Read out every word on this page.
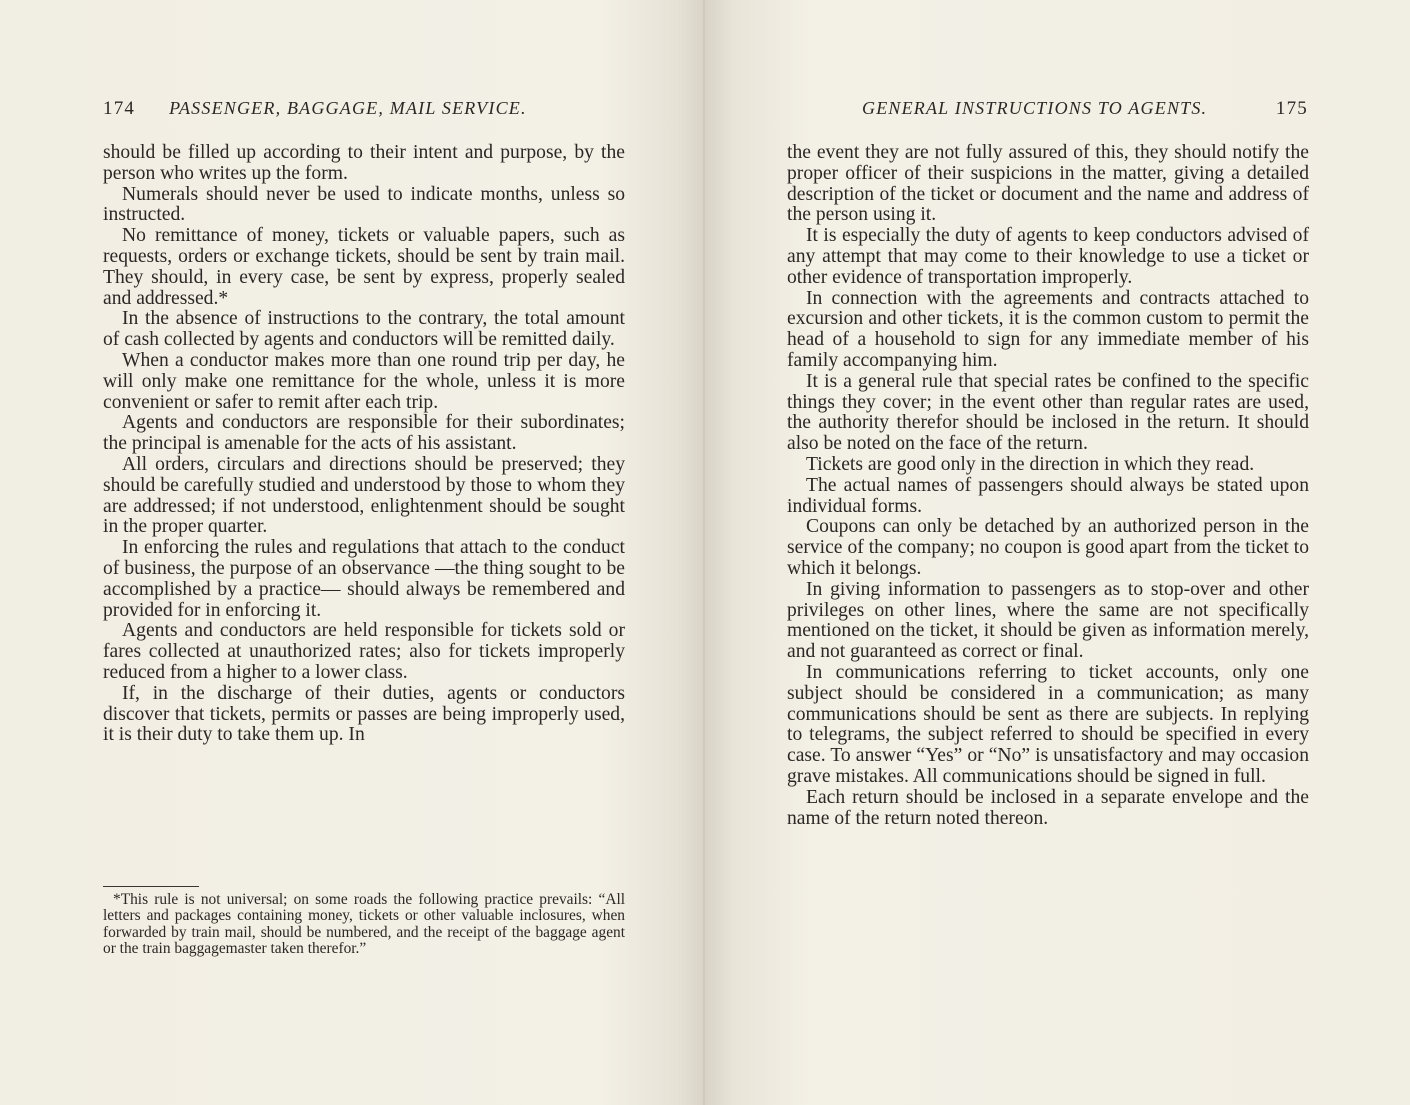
174 PASSENGER, BAGGAGE, MAIL SERVICE.

should be filled up according to their intent and purpose, by the person who writes up the form.

Numerals should never be used to indicate months, unless so instructed.

No remittance of money, tickets or valuable papers, such as requests, orders or exchange tickets, should be sent by train mail. They should, in every case, be sent by express, properly sealed and addressed.*

In the absence of instructions to the contrary, the total amount of cash collected by agents and conductors will be remitted daily.

When a conductor makes more than one round trip per day, he will only make one remittance for the whole, unless it is more convenient or safer to remit after each trip.

Agents and conductors are responsible for their subordinates; the principal is amenable for the acts of his assistant.

All orders, circulars and directions should be preserved; they should be carefully studied and understood by those to whom they are addressed; if not understood, enlightenment should be sought in the proper quarter.

In enforcing the rules and regulations that attach to the conduct of business, the purpose of an observance —the thing sought to be accomplished by a practice— should always be remembered and provided for in enforcing it.

Agents and conductors are held responsible for tickets sold or fares collected at unauthorized rates; also for tickets improperly reduced from a higher to a lower class.

If, in the discharge of their duties, agents or conductors discover that tickets, permits or passes are being improperly used, it is their duty to take them up. In

*This rule is not universal; on some roads the following practice prevails: “All letters and packages containing money, tickets or other valuable inclosures, when forwarded by train mail, should be numbered, and the receipt of the baggage agent or the train baggagemaster taken therefor.”
GENERAL INSTRUCTIONS TO AGENTS.	175

the event they are not fully assured of this, they should notify the proper officer of their suspicions in the matter, giving a detailed description of the ticket or document and the name and address of the person using it.

It is especially the duty of agents to keep conductors advised of any attempt that may come to their knowledge to use a ticket or other evidence of transportation improperly.

In connection with the agreements and contracts attached to excursion and other tickets, it is the common custom to permit the head of a household to sign for any immediate member of his family accompanying him.

It is a general rule that special rates be confined to the specific things they cover; in the event other than regular rates are used, the authority therefor should be inclosed in the return. It should also be noted on the face of the return.

Tickets are good only in the direction in which they read.

The actual names of passengers should always be stated upon individual forms.

Coupons can only be detached by an authorized person in the service of the company; no coupon is good apart from the ticket to which it belongs.

In giving information to passengers as to stop-over and other privileges on other lines, where the same are not specifically mentioned on the ticket, it should be given as information merely, and not guaranteed as correct or final.

In communications referring to ticket accounts, only one subject should be considered in a communication; as many communications should be sent as there are subjects. In replying to telegrams, the subject referred to should be specified in every case. To answer “Yes” or “No” is unsatisfactory and may occasion grave mistakes. All communications should be signed in full.

Each return should be inclosed in a separate envelope and the name of the return noted thereon.
